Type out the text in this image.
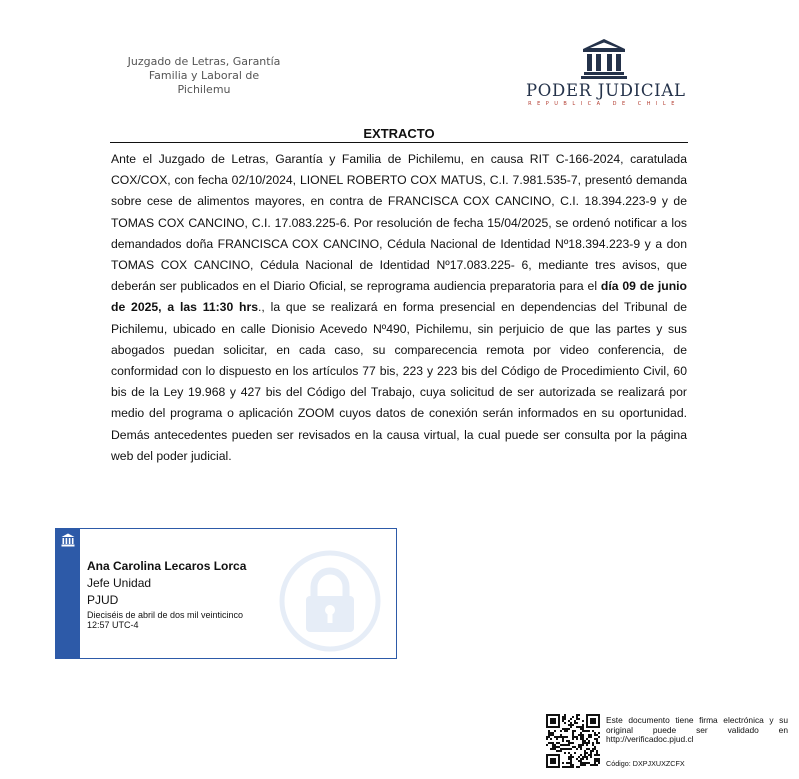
Juzgado de Letras, Garantía
Familia y Laboral de
Pichilemu	PODER JUDICIAL
REPUBLICA DE CHILE
EXTRACTO
Ante el Juzgado de Letras, Garantía y Familia de Pichilemu, en causa RIT C-166-2024, caratulada COX/COX, con fecha 02/10/2024, LIONEL ROBERTO COX MATUS, C.I. 7.981.535-7, presentó demanda sobre cese de alimentos mayores, en contra de FRANCISCA COX CANCINO, C.I. 18.394.223-9 y de TOMAS COX CANCINO, C.I. 17.083.225-6. Por resolución de fecha 15/04/2025, se ordenó notificar a los demandados doña FRANCISCA COX CANCINO, Cédula Nacional de Identidad Nº18.394.223-9 y a don TOMAS COX CANCINO, Cédula Nacional de Identidad Nº17.083.225- 6, mediante tres avisos, que deberán ser publicados en el Diario Oficial, se reprograma audiencia preparatoria para el día 09 de junio de 2025, a las 11:30 hrs., la que se realizará en forma presencial en dependencias del Tribunal de Pichilemu, ubicado en calle Dionisio Acevedo Nº490, Pichilemu, sin perjuicio de que las partes y sus abogados puedan solicitar, en cada caso, su comparecencia remota por video conferencia, de conformidad con lo dispuesto en los artículos 77 bis, 223 y 223 bis del Código de Procedimiento Civil, 60 bis de la Ley 19.968 y 427 bis del Código del Trabajo, cuya solicitud de ser autorizada se realizará por medio del programa o aplicación ZOOM cuyos datos de conexión serán informados en su oportunidad. Demás antecedentes pueden ser revisados en la causa virtual, la cual puede ser consulta por la página web del poder judicial.
Ana Carolina Lecaros Lorca
Jefe Unidad
PJUD
Dieciséis de abril de dos mil veinticinco
12:57 UTC-4
Este documento tiene firma electrónica y su original puede ser validado en http://verificadoc.pjud.cl
Código: DXPJXUXZCFX
